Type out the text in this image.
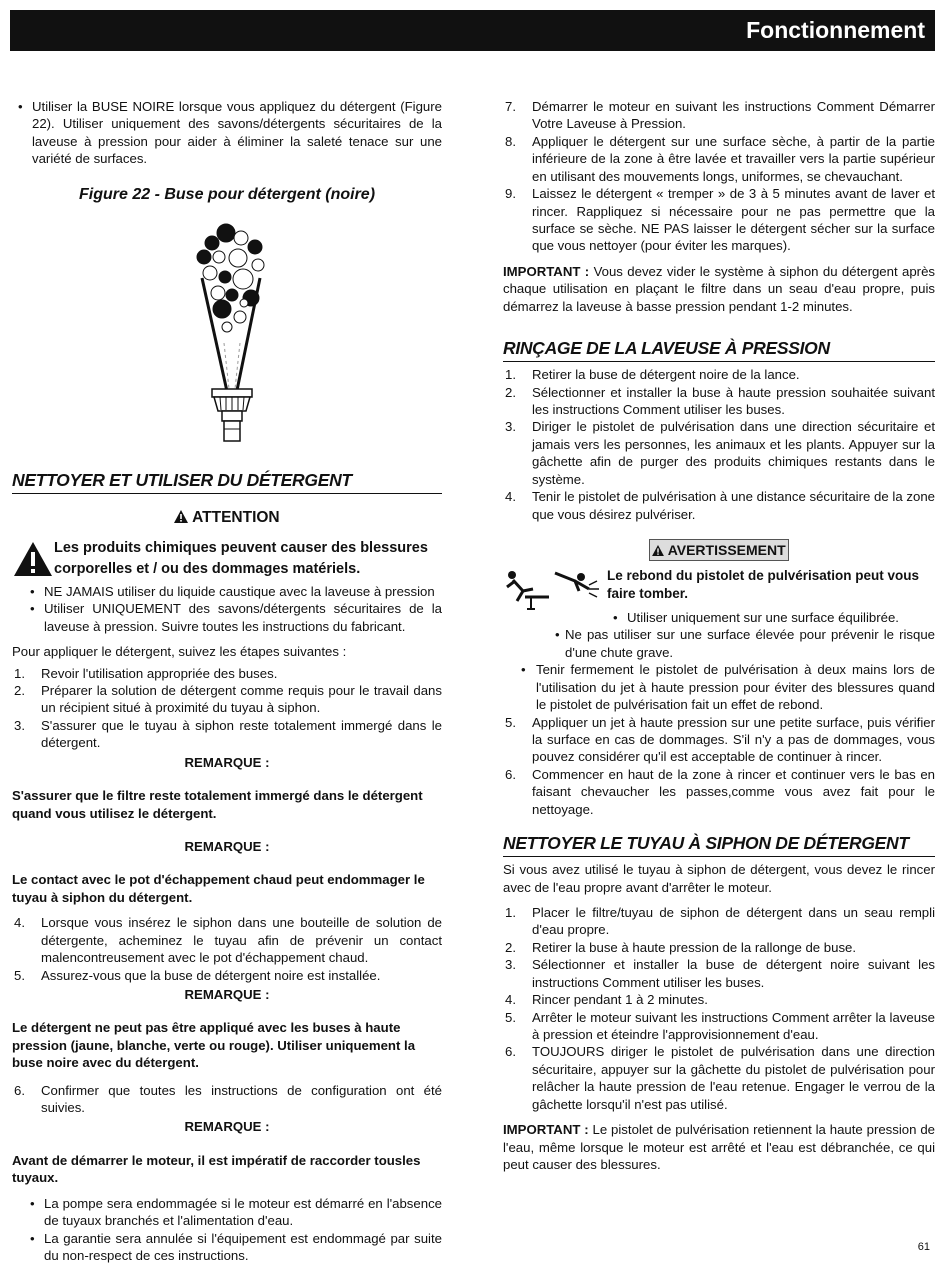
Fonctionnement
• Utiliser la BUSE NOIRE lorsque vous appliquez du détergent (Figure 22). Utiliser uniquement des savons/détergents sécuritaires de la laveuse à pression pour aider à éliminer la saleté tenace sur une variété de surfaces.
Figure 22 - Buse pour détergent (noire)
NETTOYER ET UTILISER DU DÉTERGENT
ATTENTION
Les produits chimiques peuvent causer des blessures corporelles et / ou des dommages matériels.
• NE JAMAIS utiliser du liquide caustique avec la laveuse à pression
• Utiliser UNIQUEMENT des savons/détergents sécuritaires de la laveuse à pression. Suivre toutes les instructions du fabricant.

Pour appliquer le détergent, suivez les étapes suivantes :

1. Revoir l'utilisation appropriée des buses.
2. Préparer la solution de détergent comme requis pour le travail dans un récipient situé à proximité du tuyau à siphon.
3. S'assurer que le tuyau à siphon reste totalement immergé dans le détergent.
REMARQUE :

S'assurer que le filtre reste totalement immergé dans le détergent quand vous utilisez le détergent.

REMARQUE :

Le contact avec le pot d'échappement chaud peut endommager le tuyau à siphon du détergent.

4. Lorsque vous insérez le siphon dans une bouteille de solution de détergente, acheminez le tuyau afin de prévenir un contact malencontreusement avec le pot d'échappement chaud.
5. Assurez-vous que la buse de détergent noire est installée.
REMARQUE :

Le détergent ne peut pas être appliqué avec les buses à haute pression (jaune, blanche, verte ou rouge). Utiliser uniquement la buse noire avec du détergent.

6. Confirmer que toutes les instructions de configuration ont été suivies.
REMARQUE :

Avant de démarrer le moteur, il est impératif de raccorder tousles tuyaux.

• La pompe sera endommagée si le moteur est démarré en l'absence de tuyaux branchés et l'alimentation d'eau.
• La garantie sera annulée si l'équipement est endommagé par suite du non-respect de ces instructions.
7. Démarrer le moteur en suivant les instructions Comment Démarrer Votre Laveuse à Pression.
8. Appliquer le détergent sur une surface sèche, à partir de la partie inférieure de la zone à être lavée et travailler vers la partie supérieur en utilisant des mouvements longs, uniformes, se chevauchant.
9. Laissez le détergent « tremper » de 3 à 5 minutes avant de laver et rincer. Rappliquez si nécessaire pour ne pas permettre que la surface se sèche. NE PAS laisser le détergent sécher sur la surface que vous nettoyer (pour éviter les marques).

IMPORTANT : Vous devez vider le système à siphon du détergent après chaque utilisation en plaçant le filtre dans un seau d'eau propre, puis démarrez la laveuse à basse pression pendant 1-2 minutes.

RINÇAGE DE LA LAVEUSE À PRESSION
1. Retirer la buse de détergent noire de la lance.
2. Sélectionner et installer la buse à haute pression souhaitée suivant les instructions Comment utiliser les buses.
3. Diriger le pistolet de pulvérisation dans une direction sécuritaire et jamais vers les personnes, les animaux et les plants. Appuyer sur la gâchette afin de purger des produits chimiques restants dans le système.
4. Tenir le pistolet de pulvérisation à une distance sécuritaire de la zone que vous désirez pulvériser.
AVERTISSEMENT
Le rebond du pistolet de pulvérisation peut vous faire tomber.
• Utiliser uniquement sur une surface équilibrée.
• Ne pas utiliser sur une surface élevée pour prévenir le risque d'une chute grave.
• Tenir fermement le pistolet de pulvérisation à deux mains lors de l'utilisation du jet à haute pression pour éviter des blessures quand le pistolet de pulvérisation fait un effet de rebond.
5. Appliquer un jet à haute pression sur une petite surface, puis vérifier la surface en cas de dommages. S'il n'y a pas de dommages, vous pouvez considérer qu'il est acceptable de continuer à rincer.
6. Commencer en haut de la zone à rincer et continuer vers le bas en faisant chevaucher les passes,comme vous avez fait pour le nettoyage.
NETTOYER LE TUYAU À SIPHON DE DÉTERGENT

Si vous avez utilisé le tuyau à siphon de détergent, vous devez le rincer avec de l'eau propre avant d'arrêter le moteur.

1. Placer le filtre/tuyau de siphon de détergent dans un seau rempli d'eau propre.
2. Retirer la buse à haute pression de la rallonge de buse.
3. Sélectionner et installer la buse de détergent noire suivant les instructions Comment utiliser les buses.
4. Rincer pendant 1 à 2 minutes.
5. Arrêter le moteur suivant les instructions Comment arrêter la laveuse à pression et éteindre l'approvisionnement d'eau.
6. TOUJOURS diriger le pistolet de pulvérisation dans une direction sécuritaire, appuyer sur la gâchette du pistolet de pulvérisation pour relâcher la haute pression de l'eau retenue. Engager le verrou de la gâchette lorsqu'il n'est pas utilisé.

IMPORTANT : Le pistolet de pulvérisation retiennent la haute pression de l'eau, même lorsque le moteur est arrêté et l'eau est débranchée, ce qui peut causer des blessures.

61
